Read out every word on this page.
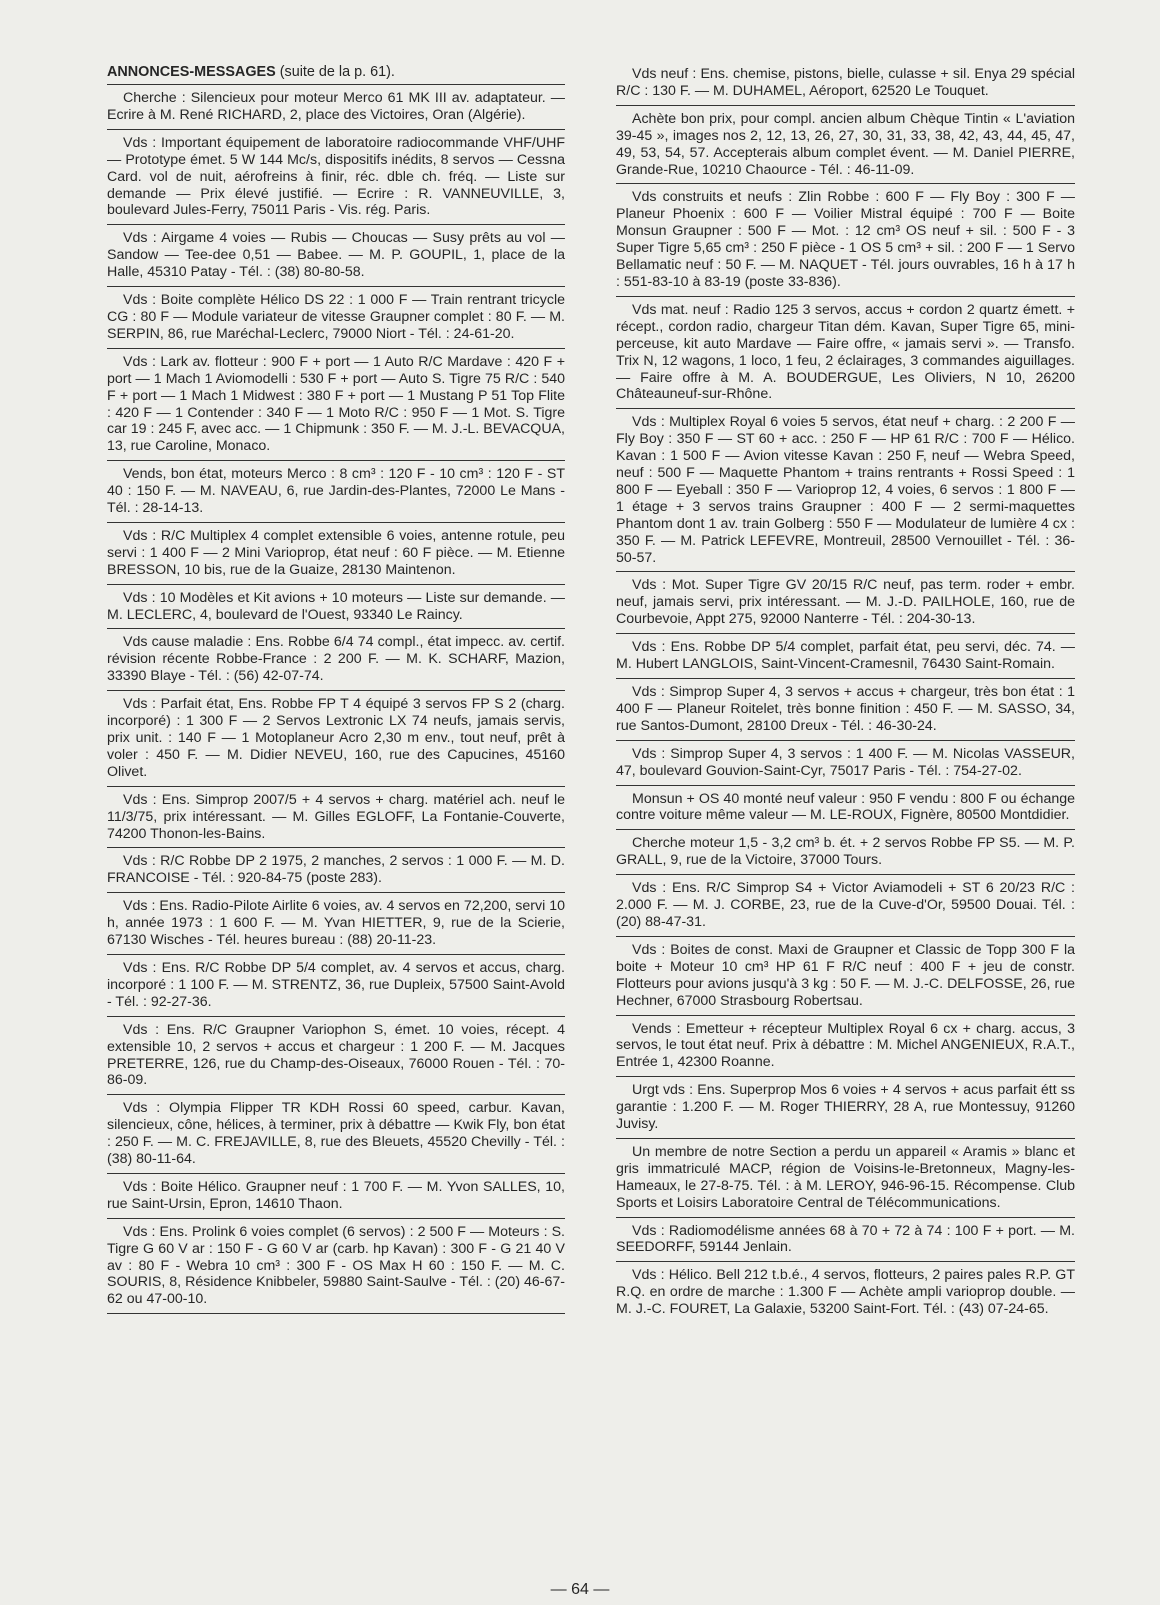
ANNONCES-MESSAGES (suite de la p. 61).
Cherche : Silencieux pour moteur Merco 61 MK III av. adaptateur. — Ecrire à M. René RICHARD, 2, place des Victoires, Oran (Algérie).
Vds : Important équipement de laboratoire radiocommande VHF/UHF — Prototype émet. 5 W 144 Mc/s, dispositifs inédits, 8 servos — Cessna Card. vol de nuit, aérofreins à finir, réc. dble ch. fréq. — Liste sur demande — Prix élevé justifié. — Ecrire : R. VANNEUVILLE, 3, boulevard Jules-Ferry, 75011 Paris - Vis. rég. Paris.
Vds : Airgame 4 voies — Rubis — Choucas — Susy prêts au vol — Sandow — Tee-dee 0,51 — Babee. — M. P. GOUPIL, 1, place de la Halle, 45310 Patay - Tél. : (38) 80-80-58.
Vds : Boite complète Hélico DS 22 : 1 000 F — Train rentrant tricycle CG : 80 F — Module variateur de vitesse Graupner complet : 80 F. — M. SERPIN, 86, rue Maréchal-Leclerc, 79000 Niort - Tél. : 24-61-20.
Vds : Lark av. flotteur : 900 F + port — 1 Auto R/C Mardave : 420 F + port — 1 Mach 1 Aviomodelli : 530 F + port — Auto S. Tigre 75 R/C : 540 F + port — 1 Mach 1 Midwest : 380 F + port — 1 Mustang P 51 Top Flite : 420 F — 1 Contender : 340 F — 1 Moto R/C : 950 F — 1 Mot. S. Tigre car 19 : 245 F, avec acc. — 1 Chipmunk : 350 F. — M. J.-L. BEVACQUA, 13, rue Caroline, Monaco.
Vends, bon état, moteurs Merco : 8 cm³ : 120 F - 10 cm³ : 120 F - ST 40 : 150 F. — M. NAVEAU, 6, rue Jardin-des-Plantes, 72000 Le Mans - Tél. : 28-14-13.
Vds : R/C Multiplex 4 complet extensible 6 voies, antenne rotule, peu servi : 1 400 F — 2 Mini Varioprop, état neuf : 60 F pièce. — M. Etienne BRESSON, 10 bis, rue de la Guaize, 28130 Maintenon.
Vds : 10 Modèles et Kit avions + 10 moteurs — Liste sur demande. — M. LECLERC, 4, boulevard de l'Ouest, 93340 Le Raincy.
Vds cause maladie : Ens. Robbe 6/4 74 compl., état impecc. av. certif. révision récente Robbe-France : 2 200 F. — M. K. SCHARF, Mazion, 33390 Blaye - Tél. : (56) 42-07-74.
Vds : Parfait état, Ens. Robbe FP T 4 équipé 3 servos FP S 2 (charg. incorporé) : 1 300 F — 2 Servos Lextronic LX 74 neufs, jamais servis, prix unit. : 140 F — 1 Motoplaneur Acro 2,30 m env., tout neuf, prêt à voler : 450 F. — M. Didier NEVEU, 160, rue des Capucines, 45160 Olivet.
Vds : Ens. Simprop 2007/5 + 4 servos + charg. matériel ach. neuf le 11/3/75, prix intéressant. — M. Gilles EGLOFF, La Fontanie-Couverte, 74200 Thonon-les-Bains.
Vds : R/C Robbe DP 2 1975, 2 manches, 2 servos : 1 000 F. — M. D. FRANCOISE - Tél. : 920-84-75 (poste 283).
Vds : Ens. Radio-Pilote Airlite 6 voies, av. 4 servos en 72,200, servi 10 h, année 1973 : 1 600 F. — M. Yvan HIETTER, 9, rue de la Scierie, 67130 Wisches - Tél. heures bureau : (88) 20-11-23.
Vds : Ens. R/C Robbe DP 5/4 complet, av. 4 servos et accus, charg. incorporé : 1 100 F. — M. STRENTZ, 36, rue Dupleix, 57500 Saint-Avold - Tél. : 92-27-36.
Vds : Ens. R/C Graupner Variophon S, émet. 10 voies, récept. 4 extensible 10, 2 servos + accus et chargeur : 1 200 F. — M. Jacques PRETERRE, 126, rue du Champ-des-Oiseaux, 76000 Rouen - Tél. : 70-86-09.
Vds : Olympia Flipper TR KDH Rossi 60 speed, carbur. Kavan, silencieux, cône, hélices, à terminer, prix à débattre — Kwik Fly, bon état : 250 F. — M. C. FREJAVILLE, 8, rue des Bleuets, 45520 Chevilly - Tél. : (38) 80-11-64.
Vds : Boite Hélico. Graupner neuf : 1 700 F. — M. Yvon SALLES, 10, rue Saint-Ursin, Epron, 14610 Thaon.
Vds : Ens. Prolink 6 voies complet (6 servos) : 2 500 F — Moteurs : S. Tigre G 60 V ar : 150 F - G 60 V ar (carb. hp Kavan) : 300 F - G 21 40 V av : 80 F - Webra 10 cm³ : 300 F - OS Max H 60 : 150 F. — M. C. SOURIS, 8, Résidence Knibbeler, 59880 Saint-Saulve - Tél. : (20) 46-67-62 ou 47-00-10.
Vds neuf : Ens. chemise, pistons, bielle, culasse + sil. Enya 29 spécial R/C : 130 F. — M. DUHAMEL, Aéroport, 62520 Le Touquet.
Achète bon prix, pour compl. ancien album Chèque Tintin « L'aviation 39-45 », images nos 2, 12, 13, 26, 27, 30, 31, 33, 38, 42, 43, 44, 45, 47, 49, 53, 54, 57. Accepterais album complet évent. — M. Daniel PIERRE, Grande-Rue, 10210 Chaource - Tél. : 46-11-09.
Vds construits et neufs : Zlin Robbe : 600 F — Fly Boy : 300 F — Planeur Phoenix : 600 F — Voilier Mistral équipé : 700 F — Boite Monsun Graupner : 500 F — Mot. : 12 cm³ OS neuf + sil. : 500 F - 3 Super Tigre 5,65 cm³ : 250 F pièce - 1 OS 5 cm³ + sil. : 200 F — 1 Servo Bellamatic neuf : 50 F. — M. NAQUET - Tél. jours ouvrables, 16 h à 17 h : 551-83-10 à 83-19 (poste 33-836).
Vds mat. neuf : Radio 125 3 servos, accus + cordon 2 quartz émett. + récept., cordon radio, chargeur Titan dém. Kavan, Super Tigre 65, mini-perceuse, kit auto Mardave — Faire offre, « jamais servi ». — Transfo. Trix N, 12 wagons, 1 loco, 1 feu, 2 éclairages, 3 commandes aiguillages. — Faire offre à M. A. BOUDERGUE, Les Oliviers, N 10, 26200 Châteauneuf-sur-Rhône.
Vds : Multiplex Royal 6 voies 5 servos, état neuf + charg. : 2 200 F — Fly Boy : 350 F — ST 60 + acc. : 250 F — HP 61 R/C : 700 F — Hélico. Kavan : 1 500 F — Avion vitesse Kavan : 250 F, neuf — Webra Speed, neuf : 500 F — Maquette Phantom + trains rentrants + Rossi Speed : 1 800 F — Eyeball : 350 F — Varioprop 12, 4 voies, 6 servos : 1 800 F — 1 étage + 3 servos trains Graupner : 400 F — 2 sermi-maquettes Phantom dont 1 av. train Golberg : 550 F — Modulateur de lumière 4 cx : 350 F. — M. Patrick LEFEVRE, Montreuil, 28500 Vernouillet - Tél. : 36-50-57.
Vds : Mot. Super Tigre GV 20/15 R/C neuf, pas term. roder + embr. neuf, jamais servi, prix intéressant. — M. J.-D. PAILHOLE, 160, rue de Courbevoie, Appt 275, 92000 Nanterre - Tél. : 204-30-13.
Vds : Ens. Robbe DP 5/4 complet, parfait état, peu servi, déc. 74. — M. Hubert LANGLOIS, Saint-Vincent-Cramesnil, 76430 Saint-Romain.
Vds : Simprop Super 4, 3 servos + accus + chargeur, très bon état : 1 400 F — Planeur Roitelet, très bonne finition : 450 F. — M. SASSO, 34, rue Santos-Dumont, 28100 Dreux - Tél. : 46-30-24.
Vds : Simprop Super 4, 3 servos : 1 400 F. — M. Nicolas VASSEUR, 47, boulevard Gouvion-Saint-Cyr, 75017 Paris - Tél. : 754-27-02.
Monsun + OS 40 monté neuf valeur : 950 F vendu : 800 F ou échange contre voiture même valeur — M. LE-ROUX, Fignère, 80500 Montdidier.
Cherche moteur 1,5 - 3,2 cm³ b. ét. + 2 servos Robbe FP S5. — M. P. GRALL, 9, rue de la Victoire, 37000 Tours.
Vds : Ens. R/C Simprop S4 + Victor Aviamodeli + ST 6 20/23 R/C : 2.000 F. — M. J. CORBE, 23, rue de la Cuve-d'Or, 59500 Douai. Tél. : (20) 88-47-31.
Vds : Boites de const. Maxi de Graupner et Classic de Topp 300 F la boite + Moteur 10 cm³ HP 61 F R/C neuf : 400 F + jeu de constr. Flotteurs pour avions jusqu'à 3 kg : 50 F. — M. J.-C. DELFOSSE, 26, rue Hechner, 67000 Strasbourg Robertsau.
Vends : Emetteur + récepteur Multiplex Royal 6 cx + charg. accus, 3 servos, le tout état neuf. Prix à débattre : M. Michel ANGENIEUX, R.A.T., Entrée 1, 42300 Roanne.
Urgt vds : Ens. Superprop Mos 6 voies + 4 servos + acus parfait étt ss garantie : 1.200 F. — M. Roger THIERRY, 28 A, rue Montessuy, 91260 Juvisy.
Un membre de notre Section a perdu un appareil « Aramis » blanc et gris immatriculé MACP, région de Voisins-le-Bretonneux, Magny-les-Hameaux, le 27-8-75. Tél. : à M. LEROY, 946-96-15. Récompense. Club Sports et Loisirs Laboratoire Central de Télécommunications.
Vds : Radiomodélisme années 68 à 70 + 72 à 74 : 100 F + port. — M. SEEDORFF, 59144 Jenlain.
Vds : Hélico. Bell 212 t.b.é., 4 servos, flotteurs, 2 paires pales R.P. GT R.Q. en ordre de marche : 1.300 F — Achète ampli varioprop double. — M. J.-C. FOURET, La Galaxie, 53200 Saint-Fort. Tél. : (43) 07-24-65.
— 64 —
